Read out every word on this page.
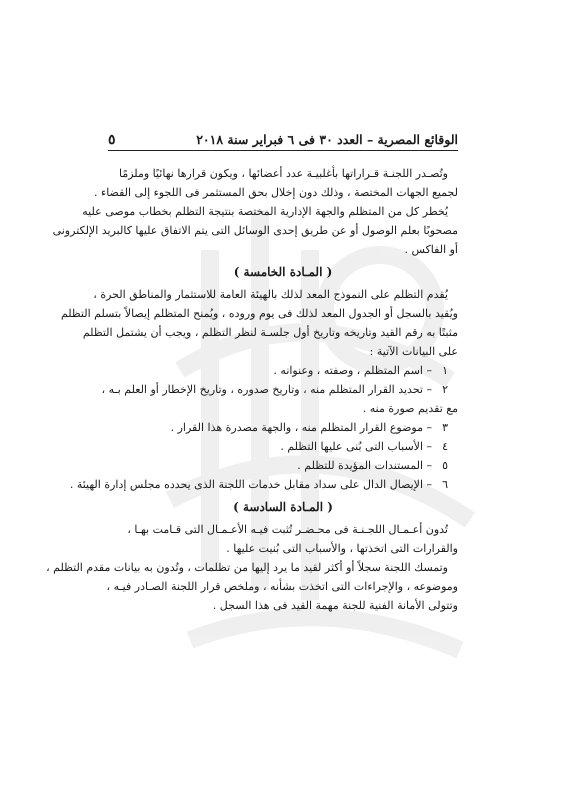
الوقائع المصرية – العدد ٣٠ فى ٦ فبراير سنة ٢٠١٨
٥
وتُصـدر اللجنـة قـراراتها بأغلبيـة عدد أعضائها ، ويكون قرارها نهائيًا وملزمًا
لجميع الجهات المختصة ، وذلك دون إخلال بحق المستثمر فى اللجوء إلى القضاء .
يُخطر كل من المتظلم والجهة الإدارية المختصة بنتيجة التظلم بخطاب موصى عليه
مصحوبًا بعلم الوصول أو عن طريق إحدى الوسائل التى يتم الاتفاق عليها كالبريد الإلكترونى
أو الفاكس .
( المـادة الخامسة )
يُقدم التظلم على النموذج المعد لذلك بالهيئة العامة للاستثمار والمناطق الحرة ،
ويُقيد بالسجل أو الجدول المعد لذلك فى يوم وروده ، ويُمنح المتظلم إيصالاً بتسلم التظلم
مثبتًا به رقم القيد وتاريخه وتاريخ أول جلسـة لنظر التظلم ، ويجب أن يشتمل التظلم
على البيانات الآتية :
١– اسم المتظلم ، وصفته ، وعنوانه .
٢– تحديد القرار المتظلم منه ، وتاريخ صدوره ، وتاريخ الإخطار أو العلم بـه ،
مع تقديم صورة منه .
٣– موضوع القرار المتظلم منه ، والجهة مصدرة هذا القرار .
٤– الأسباب التى بُنى عليها التظلم .
٥– المستندات المؤيدة للتظلم .
٦– الإيصال الدال على سداد مقابل خدمات اللجنة الذى يحدده مجلس إدارة الهيئة .
( المـادة السادسة )
تُدون أعـمـال اللجـنـة فى محـضـر تُثبت فيـه الأعـمـال التى قـامت بهـا ،
والقرارات التى اتخذتها ، والأسباب التى بُنيت عليها .
وتمسك اللجنة سجلاً أو أكثر لقيد ما يرد إليها من تظلمات ، وتُدون به بيانات مقدم التظلم ،
وموضوعه ، والإجراءات التى اتخذت بشأنه ، وملخص قرار اللجنة الصـادر فيـه ،
وتتولى الأمانة الفنية للجنة مهمة القيد فى هذا السجل .
